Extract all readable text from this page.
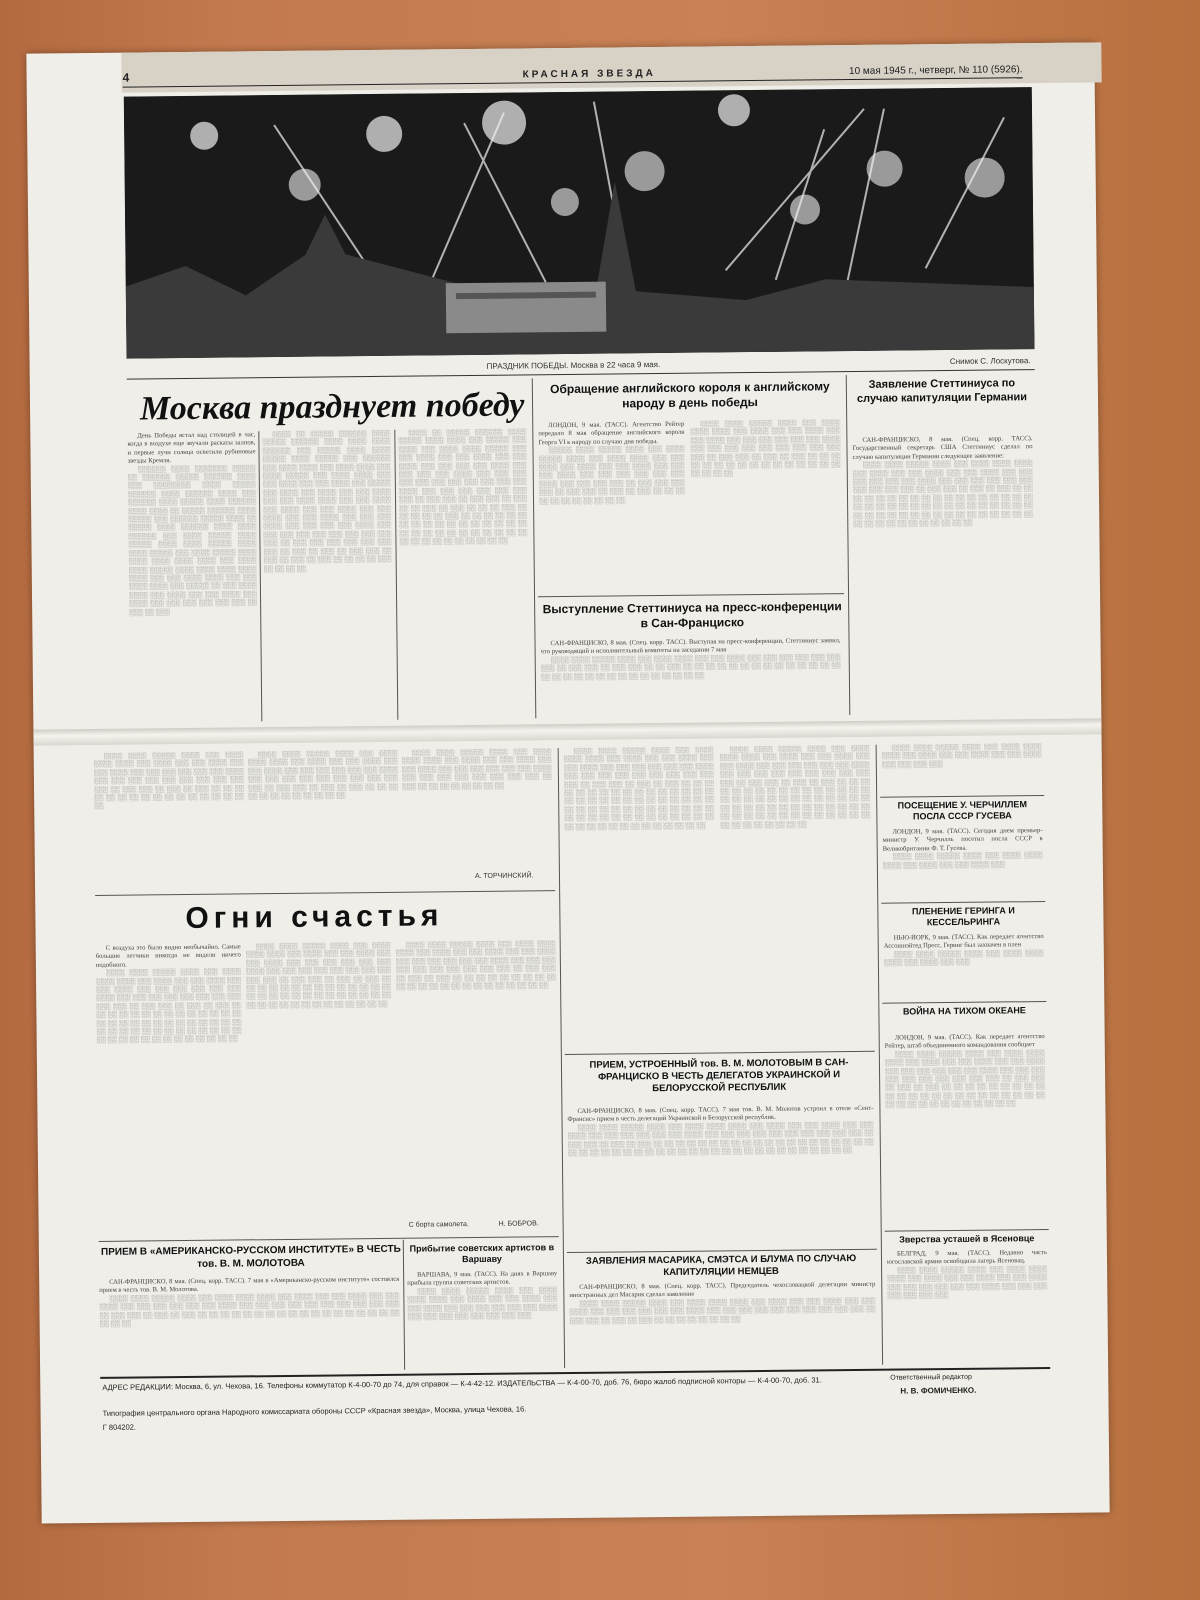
4	КРАСНАЯ ЗВЕЗДА	10 мая 1945 г., четверг, № 110 (5926).
ПРАЗДНИК ПОБЕДЫ. Москва в 22 часа 9 мая.	Снимок С. Лоскутова.
Москва празднует победу

День Победы встал над столицей в час, когда в воздухе еще звучали раскаты залпов, и первые лучи солнца осветили рубиновые звезды Кремля.

░░░░░░ ░░░░ ░░░░░░░ ░░░░░ ░░ ░░░░░░ ░░░░░ ░░░░░░ ░░░░ ░░░ ░░░░░░░░ ░░░░ ░░░░░ ░░░░░░ ░░░░ ░░░░░░ ░░░░ ░░░ ░░░░░░ ░░░░ ░░░░░ ░░░░ ░░░░░░ ░░░░ ░░░░ ░░ ░░░░░ ░░░░░░ ░░░░ ░░░░░ ░░░ ░░░░░░ ░░░░░ ░░░░ ░░ ░░░░░ ░░░░ ░░░░░░ ░░░░ ░░░░ ░░░░░░ ░░░ ░░░░ ░░░░░ ░░░░ ░░░░░ ░░░░ ░░░░ ░░░░░ ░░░░ ░░░░ ░░░░░ ░░░ ░░░░ ░░░░░ ░░░░ ░░░░ ░░░░ ░░░░ ░░░░ ░░░ ░░░░ ░░░░ ░░░░░ ░░░░ ░░░░ ░░░░ ░░░░ ░░░░ ░░░ ░░░ ░░░░ ░░░░ ░░░ ░░░ ░░░░ ░░░░ ░░░ ░░░░░ ░░ ░░░ ░░░░ ░░░░ ░░░ ░░░░ ░░░ ░░░ ░░░░ ░░░ ░░░░ ░░░ ░░░ ░░░ ░░░ ░░░ ░░░ ░░ ░░░ ░░ ░░░

░░░░ ░░ ░░░░░ ░░░░░░ ░░░░ ░░░░░ ░░░░░░ ░░░░ ░░░░ ░░░░ ░░░░░░ ░░░ ░░░░░ ░░░░ ░░░░ ░░░░░ ░░░░ ░░░░░ ░░░ ░░░░░░ ░░░ ░░░░ ░░░░ ░░░ ░░░░ ░░░░ ░░░ ░░░░ ░░░░░ ░░░ ░░░░ ░░░░ ░░░ ░░░ ░░░░ ░░░ ░░░ ░░░░ ░░░ ░░░░░ ░░░ ░░░░ ░░░ ░░░░ ░░░ ░░░ ░░░░ ░░░ ░░░ ░░░░ ░░░░ ░░░ ░░░ ░░░░ ░░░ ░░░░ ░░░ ░░░ ░░░░ ░░░ ░░░ ░░░░ ░░░ ░░░ ░░░░ ░░░ ░░░ ░░░ ░░░░ ░░░ ░░░ ░░░ ░░░ ░░░░ ░░░ ░░░ ░░░ ░░░ ░░░ ░░░ ░░░ ░░░ ░░░ ░░░ ░░ ░░░ ░░░ ░░░ ░░░ ░░░ ░░░ ░░░ ░░ ░░░ ░░ ░░░ ░░ ░░░ ░░░ ░░ ░░░ ░░ ░░░ ░░ ░░░ ░░ ░░ ░░ ░░ ░░░ ░░ ░░ ░░ ░░

░░░░ ░░ ░░░░░ ░░░░░░ ░░░░ ░░░░░ ░░░░ ░░░░ ░░░ ░░░░░ ░░░ ░░░░ ░░░ ░░░░ ░░░░ ░░░░░ ░░░ ░░░ ░░░░ ░░░ ░░░ ░░░░ ░░░ ░░░ ░░░░ ░░░ ░░░ ░░░ ░░░ ░░░░ ░░░ ░░░ ░░░ ░░░ ░░░░ ░░░ ░░░ ░░░ ░░░ ░░░ ░░░ ░░░ ░░░ ░░░ ░░░ ░░░ ░░░░ ░░░ ░░░ ░░░ ░░░ ░░░ ░░░ ░░░ ░░ ░░░ ░░░ ░░ ░░░ ░░░ ░░ ░░░ ░░ ░░ ░░░ ░░ ░░░ ░░ ░░ ░░ ░░░ ░░ ░░ ░░ ░░ ░░ ░░░ ░░ ░░ ░░ ░░ ░░ ░░ ░░ ░░ ░░ ░░ ░░ ░░ ░░ ░░ ░░ ░░ ░░ ░░ ░░ ░░ ░░ ░░ ░░ ░░ ░░ ░░ ░░ ░░ ░░ ░░ ░░ ░░ ░░ ░░ ░░ ░░ ░░ ░░

Обращение английского короля к английскому народу в день победы

ЛОНДОН, 9 мая. (ТАСС). Агентство Рейтер передало 8 мая обращение английского короля Георга VI к народу по случаю дня победы.

░░░░░ ░░░░ ░░░░░ ░░░░ ░░░ ░░░░ ░░░░░ ░░░░ ░░░ ░░░░ ░░░░ ░░░ ░░░ ░░░░ ░░░ ░░░░ ░░░ ░░░ ░░░░ ░░░ ░░░ ░░░ ░░░░ ░░░ ░░░ ░░░ ░░░ ░░░ ░░░ ░░░░ ░░░ ░░░ ░░░ ░░░ ░░ ░░░ ░░░ ░░░ ░░░ ░░ ░░░ ░░░ ░░ ░░░ ░░ ░░░ ░░ ░░ ░░ ░░ ░░ ░░ ░░ ░░ ░░ ░░ ░░

░░░░ ░░░░ ░░░░░ ░░░░ ░░░ ░░░░ ░░░░ ░░░░ ░░░ ░░░░ ░░░ ░░░ ░░░░ ░░░ ░░░ ░░░░ ░░░ ░░░ ░░░ ░░░ ░░░ ░░░ ░░░░ ░░░ ░░░ ░░░ ░░░ ░░░ ░░░ ░░░ ░░░ ░░░ ░░░ ░░ ░░░ ░░░ ░░ ░░░ ░░ ░░░ ░░ ░░ ░░ ░░ ░░ ░░ ░░ ░░ ░░ ░░ ░░ ░░ ░░ ░░ ░░ ░░ ░░ ░░ ░░ ░░

Выступление Стеттиниуса на пресс-конференции в Сан-Франциско

САН-ФРАНЦИСКО, 8 мая. (Спец. корр. ТАСС). Выступая на пресс-конференции, Стеттиниус заявил, что руководящий и исполнительный комитеты на заседании 7 мая

░░░░ ░░░░ ░░░░░ ░░░░ ░░░ ░░░░ ░░░░ ░░░ ░░░ ░░░░ ░░░ ░░░ ░░░ ░░░ ░░░ ░░░ ░░░ ░░ ░░░ ░░░ ░░ ░░░ ░░░ ░░ ░░ ░░░ ░░ ░░ ░░ ░░ ░░ ░░ ░░ ░░ ░░ ░░ ░░ ░░ ░░ ░░ ░░ ░░ ░░ ░░ ░░ ░░ ░░ ░░ ░░ ░░ ░░ ░░ ░░ ░░ ░░

Заявление Стеттиниуса по случаю капитуляции Германии

САН-ФРАНЦИСКО, 8 мая. (Спец. корр. ТАСС). Государственный секретарь США Стеттиниус сделал по случаю капитуляции Германии следующее заявление:

░░░░ ░░░░ ░░░░░ ░░░░ ░░░ ░░░░ ░░░░ ░░░░ ░░░ ░░░░ ░░░ ░░░ ░░░░ ░░░ ░░░ ░░░░ ░░░ ░░░ ░░░ ░░░ ░░░ ░░░ ░░░░ ░░░ ░░░ ░░░ ░░░ ░░░ ░░░ ░░░ ░░░ ░░░ ░░░ ░░ ░░░ ░░░ ░░ ░░░ ░░ ░░░ ░░ ░░ ░░ ░░ ░░ ░░ ░░ ░░ ░░ ░░ ░░ ░░ ░░ ░░ ░░ ░░ ░░ ░░ ░░ ░░ ░░ ░░ ░░ ░░ ░░ ░░ ░░ ░░ ░░ ░░ ░░ ░░ ░░ ░░ ░░ ░░ ░░ ░░ ░░ ░░ ░░ ░░ ░░ ░░ ░░ ░░ ░░ ░░ ░░ ░░ ░░ ░░ ░░ ░░ ░░ ░░ ░░ ░░ ░░ ░░ ░░

░░░░ ░░░░ ░░░░░ ░░░░ ░░░ ░░░░ ░░░░ ░░░░ ░░░ ░░░░ ░░░ ░░░ ░░░░ ░░░ ░░░ ░░░░ ░░░ ░░░ ░░░ ░░░ ░░░ ░░░ ░░░░ ░░░ ░░░ ░░░ ░░░ ░░░ ░░░ ░░░ ░░░ ░░░ ░░░ ░░ ░░░ ░░░ ░░ ░░░ ░░ ░░░ ░░ ░░ ░░ ░░ ░░ ░░ ░░ ░░ ░░ ░░ ░░ ░░ ░░ ░░ ░░ ░░ ░░

░░░░ ░░░░ ░░░░░ ░░░░ ░░░ ░░░░ ░░░░ ░░░░ ░░░ ░░░░ ░░░ ░░░ ░░░░ ░░░ ░░░ ░░░░ ░░░ ░░░ ░░░ ░░░ ░░░ ░░░ ░░░░ ░░░ ░░░ ░░░ ░░░ ░░░ ░░░ ░░░ ░░░ ░░░ ░░░ ░░ ░░░ ░░░ ░░ ░░░ ░░ ░░░ ░░ ░░ ░░ ░░ ░░ ░░ ░░ ░░ ░░ ░░ ░░ ░░

░░░░ ░░░░ ░░░░░ ░░░░ ░░░ ░░░░ ░░░░ ░░░░ ░░░ ░░░░ ░░░ ░░░ ░░░░ ░░░ ░░░ ░░░░ ░░░ ░░░ ░░░ ░░░ ░░░ ░░░ ░░░░ ░░░ ░░░ ░░░ ░░░ ░░░ ░░░ ░░░ ░░░ ░░ ░░░ ░░ ░░ ░░ ░░ ░░ ░░ ░░ ░░

А. ТОРЧИНСКИЙ.
Огни счастья

С воздуха это было видно необычайно. Самые большие летчики никогда не видели ничего подобного.

░░░░ ░░░░ ░░░░░ ░░░░ ░░░ ░░░░ ░░░░ ░░░░ ░░░ ░░░░ ░░░ ░░░ ░░░░ ░░░ ░░░ ░░░░ ░░░ ░░░ ░░░ ░░░ ░░░ ░░░ ░░░░ ░░░ ░░░ ░░░ ░░░ ░░░ ░░░ ░░░ ░░░ ░░░ ░░░ ░░ ░░░ ░░░ ░░ ░░░ ░░ ░░░ ░░ ░░ ░░ ░░ ░░ ░░ ░░ ░░ ░░ ░░ ░░ ░░ ░░ ░░ ░░ ░░ ░░ ░░ ░░ ░░ ░░ ░░ ░░ ░░ ░░ ░░ ░░ ░░ ░░ ░░ ░░ ░░ ░░ ░░ ░░ ░░ ░░ ░░ ░░ ░░ ░░ ░░ ░░ ░░ ░░ ░░ ░░ ░░ ░░ ░░ ░░ ░░ ░░

░░░░ ░░░░ ░░░░░ ░░░░ ░░░ ░░░░ ░░░░ ░░░░ ░░░ ░░░░ ░░░ ░░░ ░░░░ ░░░ ░░░ ░░░░ ░░░ ░░░ ░░░ ░░░ ░░░ ░░░ ░░░░ ░░░ ░░░ ░░░ ░░░ ░░░ ░░░ ░░░ ░░░ ░░░ ░░░ ░░ ░░░ ░░░ ░░ ░░░ ░░ ░░░ ░░ ░░ ░░ ░░ ░░ ░░ ░░ ░░ ░░ ░░ ░░ ░░ ░░ ░░ ░░ ░░ ░░ ░░ ░░ ░░ ░░ ░░ ░░ ░░ ░░ ░░ ░░ ░░ ░░ ░░ ░░ ░░ ░░ ░░ ░░ ░░ ░░ ░░ ░░ ░░

░░░░ ░░░░ ░░░░░ ░░░░ ░░░ ░░░░ ░░░░ ░░░░ ░░░ ░░░░ ░░░ ░░░ ░░░░ ░░░ ░░░ ░░░░ ░░░ ░░░ ░░░ ░░░ ░░░ ░░░ ░░░░ ░░░ ░░░ ░░░ ░░░ ░░░ ░░░ ░░░ ░░░ ░░░ ░░░ ░░ ░░░ ░░░ ░░ ░░░ ░░ ░░░ ░░ ░░ ░░ ░░ ░░ ░░ ░░ ░░ ░░ ░░ ░░ ░░ ░░ ░░ ░░ ░░ ░░ ░░ ░░ ░░ ░░ ░░ ░░

С борта самолета.	Н. БОБРОВ.
ПРИЕМ В «АМЕРИКАНСКО-РУССКОМ ИНСТИТУТЕ» В ЧЕСТЬ тов. В. М. МОЛОТОВА

САН-ФРАНЦИСКО, 8 мая. (Спец. корр. ТАСС). 7 мая в «Американско-русском институте» состоялся прием в честь тов. В. М. Молотова.

░░░░ ░░░░ ░░░░░ ░░░░ ░░░ ░░░░ ░░░░ ░░░░ ░░░ ░░░░ ░░░ ░░░ ░░░░ ░░░ ░░░ ░░░░ ░░░ ░░░ ░░░ ░░░ ░░░ ░░░ ░░░░ ░░░ ░░░ ░░░ ░░░ ░░░ ░░░ ░░░ ░░░ ░░░ ░░░ ░░ ░░░ ░░░ ░░ ░░░ ░░ ░░░ ░░ ░░ ░░ ░░ ░░ ░░ ░░ ░░ ░░ ░░ ░░ ░░ ░░ ░░ ░░ ░░ ░░ ░░ ░░ ░░ ░░

Прибытие советских артистов в Варшаву

ВАРШАВА, 9 мая. (ТАСС). На днях в Варшаву прибыла группа советских артистов.

░░░░ ░░░░ ░░░░░ ░░░░ ░░░ ░░░░ ░░░░ ░░░░ ░░░ ░░░░ ░░░ ░░░ ░░░░ ░░░ ░░░ ░░░░ ░░░ ░░░ ░░░ ░░░ ░░░ ░░░ ░░░░ ░░░ ░░░ ░░░ ░░░ ░░░ ░░░ ░░░ ░░░

░░░░ ░░░░ ░░░░░ ░░░░ ░░░ ░░░░ ░░░░ ░░░░ ░░░ ░░░░ ░░░ ░░░ ░░░░ ░░░ ░░░ ░░░░ ░░░ ░░░ ░░░ ░░░ ░░░ ░░░ ░░░░ ░░░ ░░░ ░░░ ░░░ ░░░ ░░░ ░░░ ░░░ ░░░ ░░░ ░░ ░░░ ░░░ ░░ ░░░ ░░ ░░░ ░░ ░░ ░░ ░░ ░░ ░░ ░░ ░░ ░░ ░░ ░░ ░░ ░░ ░░ ░░ ░░ ░░ ░░ ░░ ░░ ░░ ░░ ░░ ░░ ░░ ░░ ░░ ░░ ░░ ░░ ░░ ░░ ░░ ░░ ░░ ░░ ░░ ░░ ░░ ░░ ░░ ░░ ░░ ░░ ░░ ░░ ░░ ░░ ░░ ░░ ░░ ░░ ░░ ░░ ░░ ░░ ░░ ░░ ░░ ░░ ░░ ░░ ░░ ░░ ░░ ░░ ░░ ░░

░░░░ ░░░░ ░░░░░ ░░░░ ░░░ ░░░░ ░░░░ ░░░░ ░░░ ░░░░ ░░░ ░░░ ░░░░ ░░░ ░░░ ░░░░ ░░░ ░░░ ░░░ ░░░ ░░░ ░░░ ░░░░ ░░░ ░░░ ░░░ ░░░ ░░░ ░░░ ░░░ ░░░ ░░░ ░░░ ░░ ░░░ ░░░ ░░ ░░░ ░░ ░░░ ░░ ░░ ░░ ░░ ░░ ░░ ░░ ░░ ░░ ░░ ░░ ░░ ░░ ░░ ░░ ░░ ░░ ░░ ░░ ░░ ░░ ░░ ░░ ░░ ░░ ░░ ░░ ░░ ░░ ░░ ░░ ░░ ░░ ░░ ░░ ░░ ░░ ░░ ░░ ░░ ░░ ░░ ░░ ░░ ░░ ░░ ░░ ░░ ░░ ░░ ░░ ░░ ░░ ░░ ░░ ░░ ░░ ░░ ░░ ░░ ░░ ░░ ░░

ПРИЕМ, УСТРОЕННЫЙ тов. В. М. МОЛОТОВЫМ В САН-ФРАНЦИСКО В ЧЕСТЬ ДЕЛЕГАТОВ УКРАИНСКОЙ И БЕЛОРУССКОЙ РЕСПУБЛИК

САН-ФРАНЦИСКО, 8 мая. (Спец. корр. ТАСС). 7 мая тов. В. М. Молотов устроил в отеле «Сент-Франсис» прием в честь делегаций Украинской и Белорусской республик.

░░░░ ░░░░ ░░░░░ ░░░░ ░░░ ░░░░ ░░░░ ░░░░ ░░░ ░░░░ ░░░ ░░░ ░░░░ ░░░ ░░░ ░░░░ ░░░ ░░░ ░░░ ░░░ ░░░ ░░░ ░░░░ ░░░ ░░░ ░░░ ░░░ ░░░ ░░░ ░░░ ░░░ ░░░ ░░░ ░░ ░░░ ░░░ ░░ ░░░ ░░ ░░░ ░░ ░░ ░░ ░░ ░░ ░░ ░░ ░░ ░░ ░░ ░░ ░░ ░░ ░░ ░░ ░░ ░░ ░░ ░░ ░░ ░░ ░░ ░░ ░░ ░░ ░░ ░░ ░░ ░░ ░░ ░░ ░░ ░░ ░░ ░░ ░░ ░░ ░░ ░░ ░░ ░░ ░░ ░░ ░░ ░░ ░░

ЗАЯВЛЕНИЯ МАСАРИКА, СМЭТСА И БЛУМА ПО СЛУЧАЮ КАПИТУЛЯЦИИ НЕМЦЕВ

САН-ФРАНЦИСКО, 8 мая. (Спец. корр. ТАСС). Председатель чехословацкой делегации министр иностранных дел Масарик сделал заявление

░░░░ ░░░░ ░░░░░ ░░░░ ░░░ ░░░░ ░░░░ ░░░░ ░░░ ░░░░ ░░░ ░░░ ░░░░ ░░░ ░░░ ░░░░ ░░░ ░░░ ░░░ ░░░ ░░░ ░░░ ░░░░ ░░░ ░░░ ░░░ ░░░ ░░░ ░░░ ░░░ ░░░ ░░░ ░░░ ░░ ░░░ ░░░ ░░ ░░░ ░░ ░░░ ░░ ░░ ░░ ░░ ░░ ░░ ░░ ░░

░░░░ ░░░░ ░░░░░ ░░░░ ░░░ ░░░░ ░░░░ ░░░░ ░░░ ░░░░ ░░░ ░░░ ░░░░ ░░░ ░░░ ░░░░ ░░░ ░░░ ░░░ ░░░

ПОСЕЩЕНИЕ У. ЧЕРЧИЛЛЕМ ПОСЛА СССР ГУСЕВА

ЛОНДОН, 9 мая. (ТАСС). Сегодня днем премьер-министр У. Черчилль посетил посла СССР в Великобритании Ф. Т. Гусева.

░░░░ ░░░░ ░░░░░ ░░░░ ░░░ ░░░░ ░░░░ ░░░░ ░░░ ░░░░ ░░░ ░░░ ░░░░ ░░░

ПЛЕНЕНИЕ ГЕРИНГА И КЕССЕЛЬРИНГА

НЬЮ-ЙОРК, 9 мая. (ТАСС). Как передает агентство Ассошиэйтед Пресс, Геринг был захвачен в плен

░░░░ ░░░░ ░░░░░ ░░░░ ░░░ ░░░░ ░░░░ ░░░░ ░░░ ░░░░ ░░░ ░░░

ВОЙНА НА ТИХОМ ОКЕАНЕ

ЛОНДОН, 9 мая. (ТАСС). Как передает агентство Рейтер, штаб объединенного командования сообщает

░░░░ ░░░░ ░░░░░ ░░░░ ░░░ ░░░░ ░░░░ ░░░░ ░░░ ░░░░ ░░░ ░░░ ░░░░ ░░░ ░░░ ░░░░ ░░░ ░░░ ░░░ ░░░ ░░░ ░░░ ░░░░ ░░░ ░░░ ░░░ ░░░ ░░░ ░░░ ░░░ ░░░ ░░░ ░░░ ░░ ░░░ ░░░ ░░ ░░░ ░░ ░░░ ░░ ░░ ░░ ░░ ░░ ░░ ░░ ░░ ░░ ░░ ░░ ░░ ░░ ░░ ░░ ░░ ░░ ░░ ░░ ░░ ░░ ░░ ░░ ░░ ░░ ░░ ░░ ░░ ░░ ░░ ░░ ░░ ░░ ░░ ░░

Зверства усташей в Ясеновце

БЕЛГРАД, 9 мая. (ТАСС). Недавно часть югославской армии освободила лагерь Ясеновац.

░░░░ ░░░░ ░░░░░ ░░░░ ░░░ ░░░░ ░░░░ ░░░░ ░░░ ░░░░ ░░░ ░░░ ░░░░ ░░░ ░░░ ░░░░ ░░░ ░░░ ░░░ ░░░ ░░░ ░░░ ░░░░ ░░░ ░░░ ░░░ ░░░ ░░░ ░░░ ░░░

АДРЕС РЕДАКЦИИ: Москва, 6, ул. Чехова, 16. Телефоны коммутатор К-4-00-70 до 74, для справок — К-4-42-12. ИЗДАТЕЛЬСТВА — К-4-00-70, доб. 76, бюро жалоб подписной конторы — К-4-00-70, доб. 31.
Типография центрального органа Народного комиссариата обороны СССР «Красная звезда», Москва, улица Чехова, 16.
Г 804202.
Ответственный редактор
Н. В. ФОМИЧЕНКО.
